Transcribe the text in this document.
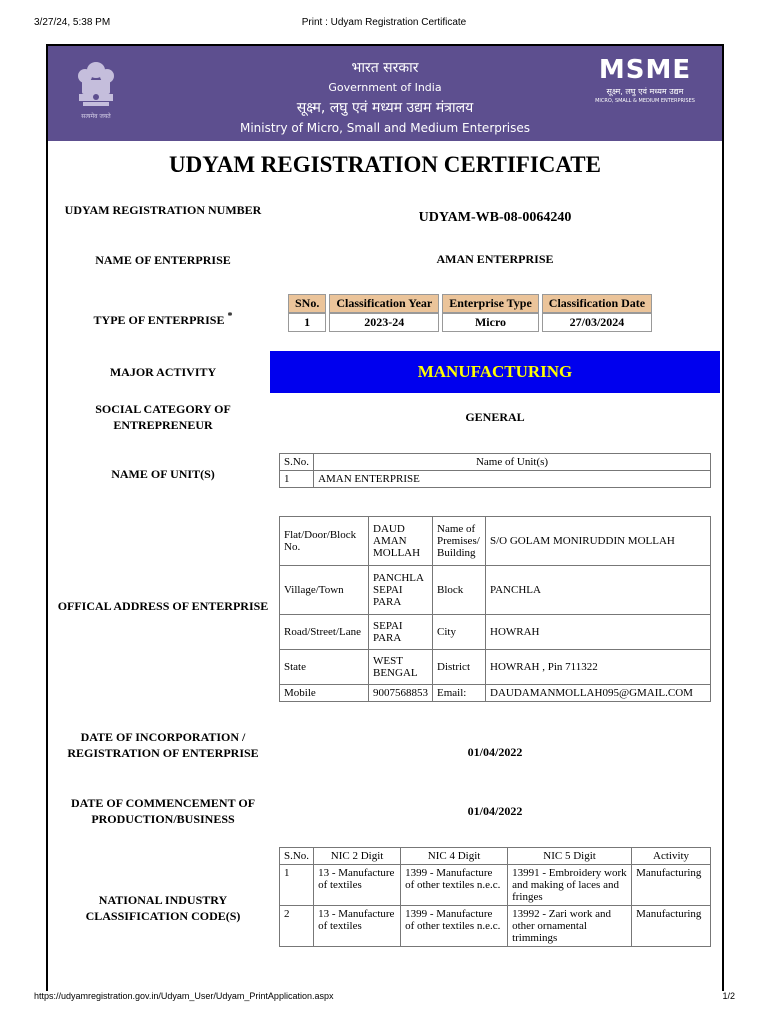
3/27/24, 5:38 PM	Print : Udyam Registration Certificate
सत्यमेव जयते
भारत सरकार
Government of India
सूक्ष्म, लघु एवं मध्यम उद्यम मंत्रालय
Ministry of Micro, Small and Medium Enterprises
MSME
सूक्ष्म, लघु एवं मध्यम उद्यम
MICRO, SMALL & MEDIUM ENTERPRISES
UDYAM REGISTRATION CERTIFICATE
UDYAM REGISTRATION NUMBER	UDYAM-WB-08-0064240
NAME OF ENTERPRISE	AMAN ENTERPRISE
TYPE OF ENTERPRISE *
SNo.	Classification Year	Enterprise Type	Classification Date

1	2023-24	Micro	27/03/2024
MAJOR ACTIVITY	MANUFACTURING
SOCIAL CATEGORY OF ENTREPRENEUR
GENERAL
NAME OF UNIT(S)
S.No.	Name of Unit(s)
1	AMAN ENTERPRISE
OFFICAL ADDRESS OF ENTERPRISE
Flat/Door/Block No.	DAUD AMAN MOLLAH	Name of Premises/ Building	S/O GOLAM MONIRUDDIN MOLLAH
Village/Town	PANCHLA SEPAI PARA	Block	PANCHLA
Road/Street/Lane	SEPAI PARA	City	HOWRAH
State	WEST BENGAL	District	HOWRAH , Pin 711322
Mobile	9007568853	Email:	DAUDAMANMOLLAH095@GMAIL.COM
DATE OF INCORPORATION / REGISTRATION OF ENTERPRISE	01/04/2022
DATE OF COMMENCEMENT OF PRODUCTION/BUSINESS
01/04/2022
NATIONAL INDUSTRY CLASSIFICATION CODE(S)
S.No.	NIC 2 Digit	NIC 4 Digit	NIC 5 Digit	Activity
1	13 - Manufacture of textiles	1399 - Manufacture of other textiles n.e.c.	13991 - Embroidery work and making of laces and fringes	Manufacturing
2	13 - Manufacture of textiles	1399 - Manufacture of other textiles n.e.c.	13992 - Zari work and other ornamental trimmings	Manufacturing
https://udyamregistration.gov.in/Udyam_User/Udyam_PrintApplication.aspx	1/2
